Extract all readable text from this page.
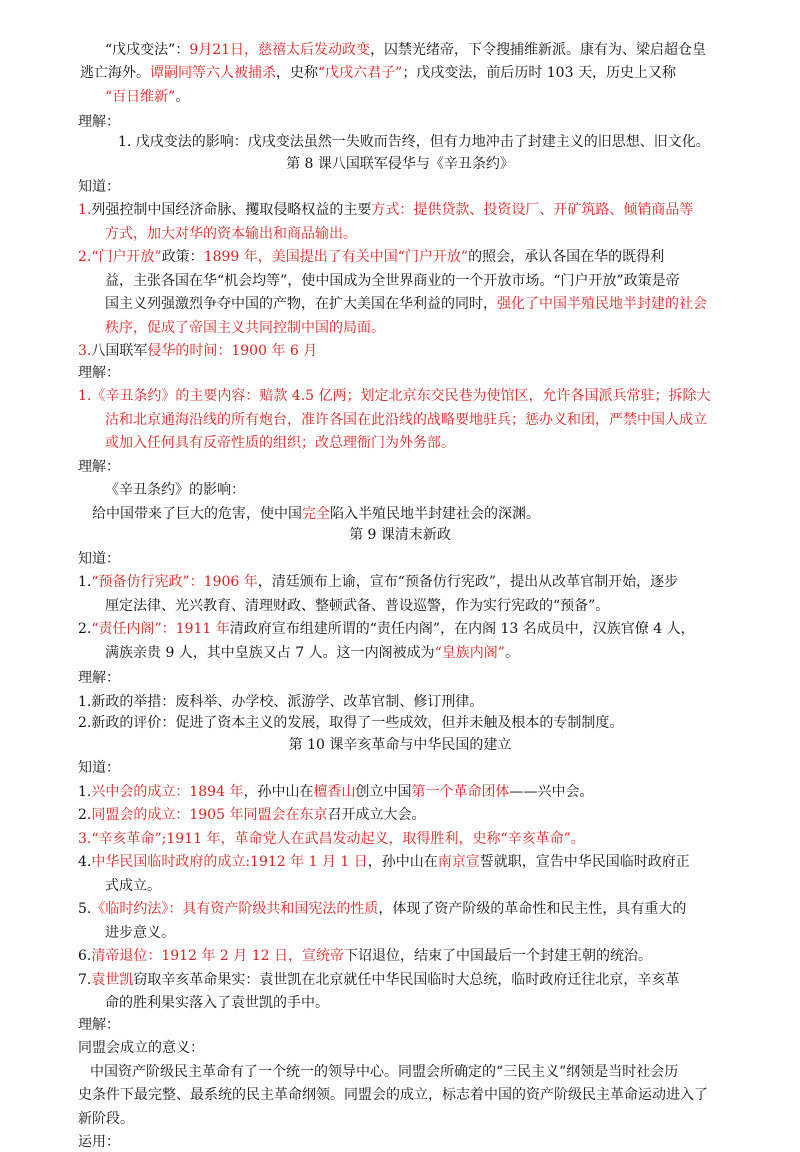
“戊戌变法”：9月21日，慈禧太后发动政变，囚禁光绪帝，下令搜捕维新派。康有为、梁启超仓皇
逃亡海外。谭嗣同等六人被捕杀，史称“戊戌六君子”；戊戌变法，前后历时 103 天，历史上又称
“百日维新”。
理解：
1. 戊戌变法的影响：戊戌变法虽然一失败而告终，但有力地冲击了封建主义的旧思想、旧文化。
第 8 课八国联军侵华与《辛丑条约》
知道：
1.列强控制中国经济命脉、攫取侵略权益的主要方式：提供贷款、投资设厂、开矿筑路、倾销商品等
方式，加大对华的资本输出和商品输出。
2.“门户开放”政策：1899 年，美国提出了有关中国“门户开放”的照会，承认各国在华的既得利
益，主张各国在华“机会均等”，使中国成为全世界商业的一个开放市场。“门户开放”政策是帝
国主义列强激烈争夺中国的产物，在扩大美国在华利益的同时，强化了中国半殖民地半封建的社会
秩序，促成了帝国主义共同控制中国的局面。
3.八国联军侵华的时间：1900 年 6 月
理解：
1.《辛丑条约》的主要内容：赔款 4.5 亿两；划定北京东交民巷为使馆区，允许各国派兵常驻；拆除大
沽和北京通海沿线的所有炮台，准许各国在此沿线的战略要地驻兵；惩办义和团，严禁中国人成立
或加入任何具有反帝性质的组织；改总理衙门为外务部。
理解：
《辛丑条约》的影响：
给中国带来了巨大的危害，使中国完全陷入半殖民地半封建社会的深渊。
第 9 课清末新政
知道：
1.“预备仿行宪政”：1906 年，清廷颁布上谕，宣布“预备仿行宪政”，提出从改革官制开始，逐步
厘定法律、光兴教育、清理财政、整顿武备、普设巡警，作为实行宪政的“预备”。
2.“责任内阁”：1911 年清政府宣布组建所谓的“责任内阁”，在内阁 13 名成员中，汉族官僚 4 人，
满族亲贵 9 人，其中皇族又占 7 人。这一内阁被成为“皇族内阁”。
理解：
1.新政的举措：废科举、办学校、派游学、改革官制、修订刑律。
2.新政的评价：促进了资本主义的发展，取得了一些成效，但并未触及根本的专制制度。
第 10 课辛亥革命与中华民国的建立
知道：
1.兴中会的成立：1894 年，孙中山在檀香山创立中国第一个革命团体——兴中会。
2.同盟会的成立：1905 年同盟会在东京召开成立大会。
3.“辛亥革命”;1911 年，革命党人在武昌发动起义，取得胜利，史称“辛亥革命”。
4.中华民国临时政府的成立:1912 年 1 月 1 日，孙中山在南京宣誓就职，宣告中华民国临时政府正
式成立。
5.《临时约法》：具有资产阶级共和国宪法的性质，体现了资产阶级的革命性和民主性，具有重大的
进步意义。
6.清帝退位：1912 年 2 月 12 日，宣统帝下诏退位，结束了中国最后一个封建王朝的统治。
7.袁世凯窃取辛亥革命果实：袁世凯在北京就任中华民国临时大总统，临时政府迁往北京，辛亥革
命的胜利果实落入了袁世凯的手中。
理解：
同盟会成立的意义：
中国资产阶级民主革命有了一个统一的领导中心。同盟会所确定的“三民主义”纲领是当时社会历
史条件下最完整、最系统的民主革命纲领。同盟会的成立，标志着中国的资产阶级民主革命运动进入了
新阶段。
运用：
